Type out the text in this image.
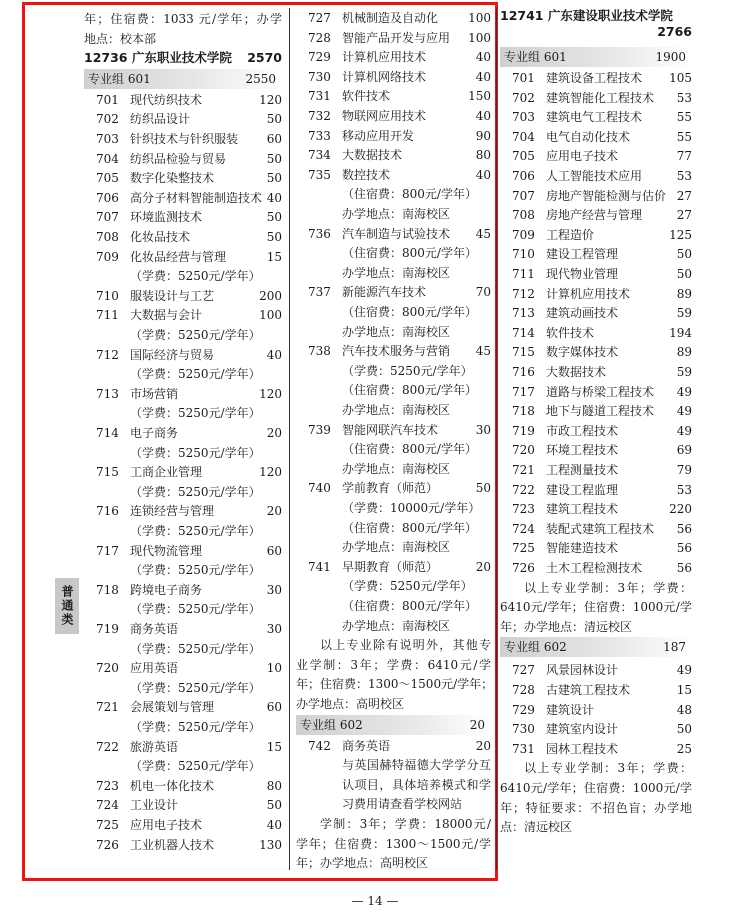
年；住宿费：1033 元/学年；办学
地点：校本部
12736 广东职业技术学院 2570
专业组 601	2550
701 现代纺织技术	120
702 纺织品设计	50
703 针织技术与针织服装 60
704 纺织品检验与贸易	50
705 数字化染整技术	50
706 高分子材料智能制造技术 40
707 环境监测技术	50
708 化妆品技术	50
709 化妆品经营与管理	15
（学费：5250元/学年）
710 服装设计与工艺	200
711 大数据与会计	100
（学费：5250元/学年）
712 国际经济与贸易	40
（学费：5250元/学年）
713 市场营销	120
（学费：5250元/学年）
714 电子商务	20
（学费：5250元/学年）
715 工商企业管理	120
（学费：5250元/学年）
716 连锁经营与管理	20
（学费：5250元/学年）
717 现代物流管理	60
（学费：5250元/学年）
718 跨境电子商务	30
（学费：5250元/学年）
719 商务英语	30
（学费：5250元/学年）
720 应用英语	10
（学费：5250元/学年）
721 会展策划与管理	60
（学费：5250元/学年）
722 旅游英语	15
（学费：5250元/学年）
723 机电一体化技术	80
724 工业设计	50
725 应用电子技术	40
726 工业机器人技术	130
727 机械制造及自动化	100
728 智能产品开发与应用 100
729 计算机应用技术	40
730 计算机网络技术	40
731 软件技术	150
732 物联网应用技术	40
733 移动应用开发	90
734 大数据技术	80
735 数控技术	40
（住宿费：800元/学年）
办学地点：南海校区
736 汽车制造与试验技术 45
（住宿费：800元/学年）
办学地点：南海校区
737 新能源汽车技术	70
（住宿费：800元/学年）
办学地点：南海校区
738 汽车技术服务与营销 45
（学费：5250元/学年）
（住宿费：800元/学年）
办学地点：南海校区
739 智能网联汽车技术	30
（住宿费：800元/学年）
办学地点：南海校区
740 学前教育（师范）	50
（学费：10000元/学年）
（住宿费：800元/学年）
办学地点：南海校区
741 早期教育（师范）	20
（学费：5250元/学年）
（住宿费：800元/学年）
办学地点：南海校区
以上专业除有说明外，其他专
业学制：3年；学费：6410元/学
年；住宿费：1300～1500元/学年；
办学地点：高明校区
专业组 602	20
742 商务英语	20
与英国赫特福德大学学分互
认项目，具体培养模式和学
习费用请查看学校网站
学制：3年；学费：18000元/
学年；住宿费：1300～1500元/学
年；办学地点：高明校区
12741 广东建设职业技术学院
2766
专业组 601	1900
701 建筑设备工程技术 105
702 建筑智能化工程技术 53
703 建筑电气工程技术	55
704 电气自动化技术	55
705 应用电子技术	77
706 人工智能技术应用	53
707 房地产智能检测与估价 27
708 房地产经营与管理	27
709 工程造价	125
710 建设工程管理	50
711 现代物业管理	50
712 计算机应用技术	89
713 建筑动画技术	59
714 软件技术	194
715 数字媒体技术	89
716 大数据技术	59
717 道路与桥梁工程技术 49
718 地下与隧道工程技术 49
719 市政工程技术	49
720 环境工程技术	69
721 工程测量技术	79
722 建设工程监理	53
723 建筑工程技术	220
724 装配式建筑工程技术 56
725 智能建造技术	56
726 土木工程检测技术	56
以上专业学制：3年；学费：
6410元/学年；住宿费：1000元/学
年；办学地点：清远校区
专业组 602	187
727 风景园林设计	49
728 古建筑工程技术	15
729 建筑设计	48
730 建筑室内设计	50
731 园林工程技术	25
以上专业学制：3年；学费：
6410元/学年；住宿费：1000元/学
年；特征要求：不招色盲；办学地
点：清远校区
普通类
— 14 —
